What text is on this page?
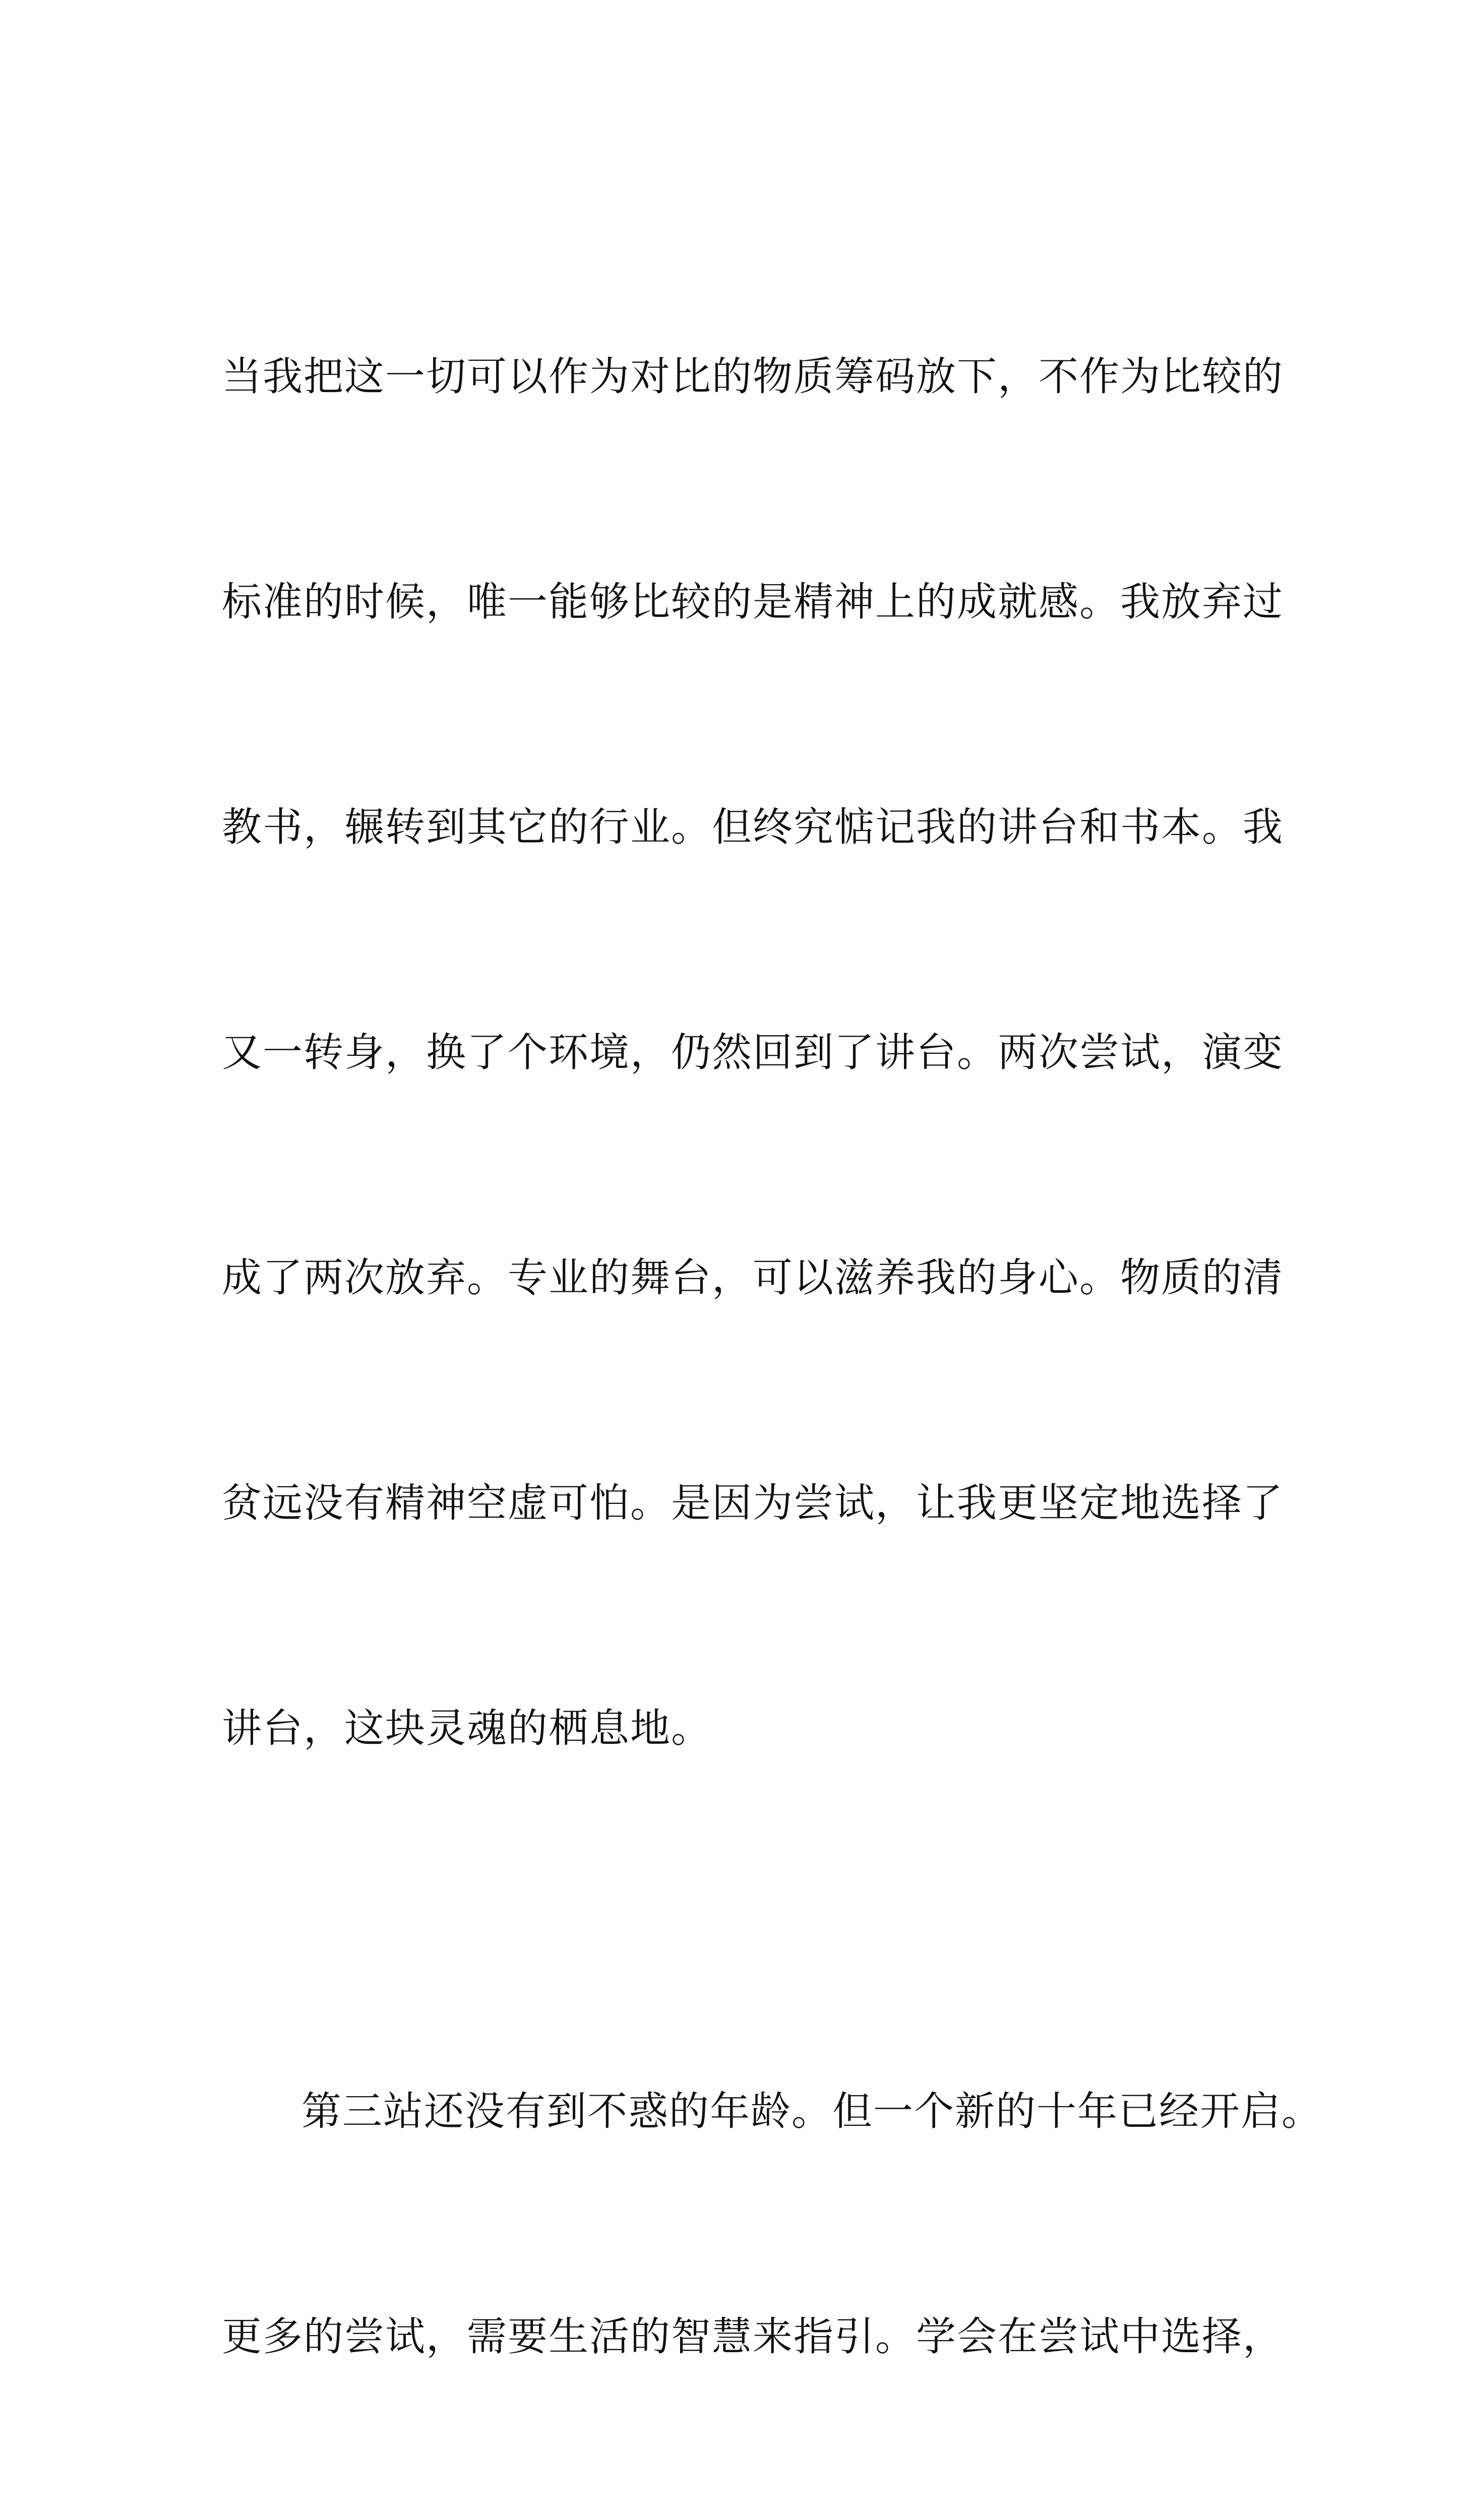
当我把这一切可以作为对比的物质筹码放下，不作为比较的

标准的时候，唯一能够比较的是精神上的成就感。我放弃过

教书，辗转到其它的行业。但终究惦记我的讲台和书本。我

又一转身，换了个环境，仍然回到了讲台。两次尝试，演变

成了两次放弃。专业的舞台，可以滋养我的身心。物质的清

贫远没有精神空虚可怕。是因为尝试，让我更坚定地选择了

讲台，这块灵魂的栖息地。

第三站还没有到不惑的年龄。但一个新的十年已经开启。

更多的尝试，需要生活的智慧来指引。学会在尝试中选择，
